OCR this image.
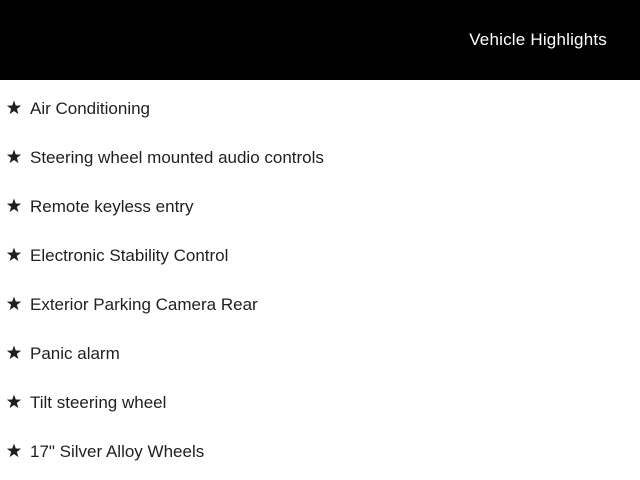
Vehicle Highlights
Air Conditioning
Steering wheel mounted audio controls
Remote keyless entry
Electronic Stability Control
Exterior Parking Camera Rear
Panic alarm
Tilt steering wheel
17" Silver Alloy Wheels
